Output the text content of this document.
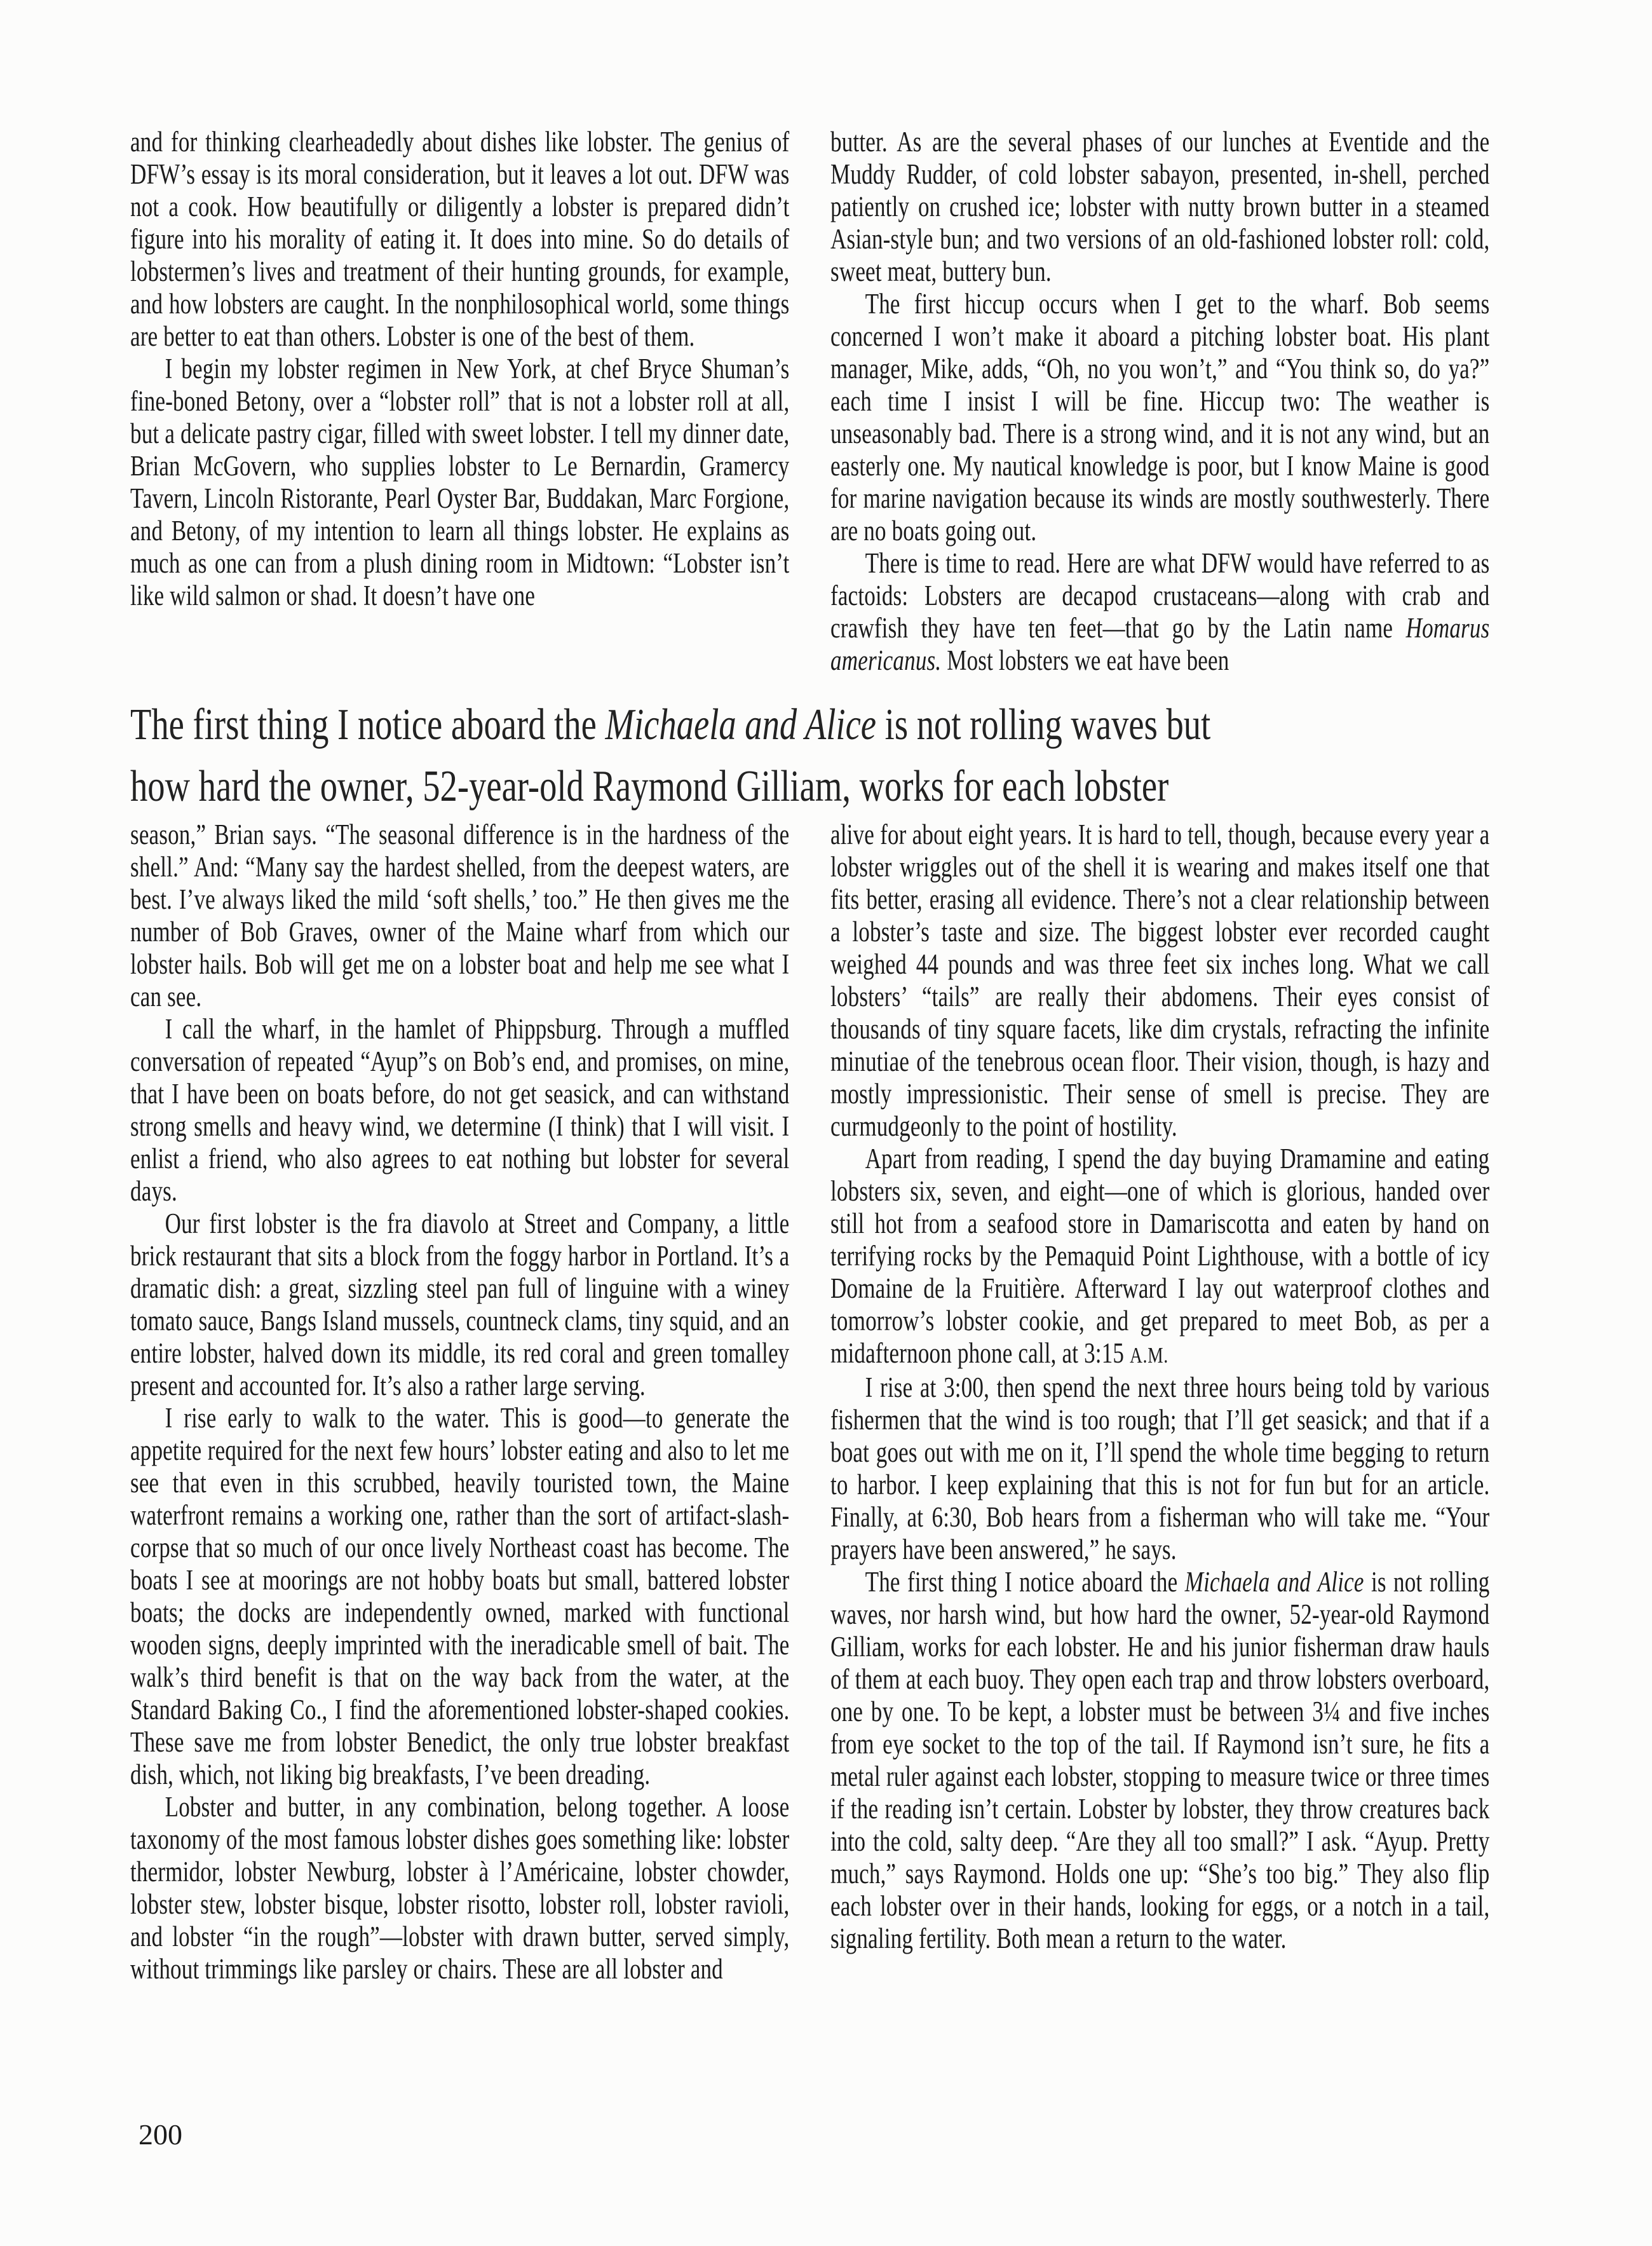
and for thinking clearheadedly about dishes like lobster. The genius of DFW’s essay is its moral consideration, but it leaves a lot out. DFW was not a cook. How beautifully or diligently a lobster is prepared didn’t figure into his morality of eating it. It does into mine. So do details of lobstermen’s lives and treatment of their hunting grounds, for example, and how lobsters are caught. In the nonphilosophical world, some things are better to eat than others. Lobster is one of the best of them.

I begin my lobster regimen in New York, at chef Bryce Shuman’s fine-boned Betony, over a “lobster roll” that is not a lobster roll at all, but a delicate pastry cigar, filled with sweet lobster. I tell my dinner date, Brian McGovern, who supplies lobster to Le Bernardin, Gramercy Tavern, Lincoln Ristorante, Pearl Oyster Bar, Buddakan, Marc Forgione, and Betony, of my intention to learn all things lobster. He explains as much as one can from a plush dining room in Midtown: “Lobster isn’t like wild salmon or shad. It doesn’t have one

butter. As are the several phases of our lunches at Eventide and the Muddy Rudder, of cold lobster sabayon, presented, in-shell, perched patiently on crushed ice; lobster with nutty brown butter in a steamed Asian-style bun; and two versions of an old-fashioned lobster roll: cold, sweet meat, buttery bun.

The first hiccup occurs when I get to the wharf. Bob seems concerned I won’t make it aboard a pitching lobster boat. His plant manager, Mike, adds, “Oh, no you won’t,” and “You think so, do ya?” each time I insist I will be fine. Hiccup two: The weather is unseasonably bad. There is a strong wind, and it is not any wind, but an easterly one. My nautical knowledge is poor, but I know Maine is good for marine navigation because its winds are mostly southwesterly. There are no boats going out.

There is time to read. Here are what DFW would have referred to as factoids: Lobsters are decapod crustaceans—along with crab and crawfish they have ten feet—that go by the Latin name Homarus americanus. Most lobsters we eat have been

The first thing I notice aboard the Michaela and Alice is not rolling waves but
how hard the owner, 52-year-old Raymond Gilliam, works for each lobster

season,” Brian says. “The seasonal difference is in the hardness of the shell.” And: “Many say the hardest shelled, from the deepest waters, are best. I’ve always liked the mild ‘soft shells,’ too.” He then gives me the number of Bob Graves, owner of the Maine wharf from which our lobster hails. Bob will get me on a lobster boat and help me see what I can see.

I call the wharf, in the hamlet of Phippsburg. Through a muffled conversation of repeated “Ayup”s on Bob’s end, and promises, on mine, that I have been on boats before, do not get seasick, and can withstand strong smells and heavy wind, we determine (I think) that I will visit. I enlist a friend, who also agrees to eat nothing but lobster for several days.

Our first lobster is the fra diavolo at Street and Company, a little brick restaurant that sits a block from the foggy harbor in Portland. It’s a dramatic dish: a great, sizzling steel pan full of linguine with a winey tomato sauce, Bangs Island mussels, countneck clams, tiny squid, and an entire lobster, halved down its middle, its red coral and green tomalley present and accounted for. It’s also a rather large serving.

I rise early to walk to the water. This is good—to generate the appetite required for the next few hours’ lobster eating and also to let me see that even in this scrubbed, heavily touristed town, the Maine waterfront remains a working one, rather than the sort of artifact-slash-corpse that so much of our once lively Northeast coast has become. The boats I see at moorings are not hobby boats but small, battered lobster boats; the docks are independently owned, marked with functional wooden signs, deeply imprinted with the ineradicable smell of bait. The walk’s third benefit is that on the way back from the water, at the Standard Baking Co., I find the aforementioned lobster-shaped cookies. These save me from lobster Benedict, the only true lobster breakfast dish, which, not liking big breakfasts, I’ve been dreading.

Lobster and butter, in any combination, belong together. A loose taxonomy of the most famous lobster dishes goes something like: lobster thermidor, lobster Newburg, lobster à l’Américaine, lobster chowder, lobster stew, lobster bisque, lobster risotto, lobster roll, lobster ravioli, and lobster “in the rough”—lobster with drawn butter, served simply, without trimmings like parsley or chairs. These are all lobster and

alive for about eight years. It is hard to tell, though, because every year a lobster wriggles out of the shell it is wearing and makes itself one that fits better, erasing all evidence. There’s not a clear relationship between a lobster’s taste and size. The biggest lobster ever recorded caught weighed 44 pounds and was three feet six inches long. What we call lobsters’ “tails” are really their abdomens. Their eyes consist of thousands of tiny square facets, like dim crystals, refracting the infinite minutiae of the tenebrous ocean floor. Their vision, though, is hazy and mostly impressionistic. Their sense of smell is precise. They are curmudgeonly to the point of hostility.

Apart from reading, I spend the day buying Dramamine and eating lobsters six, seven, and eight—one of which is glorious, handed over still hot from a seafood store in Damariscotta and eaten by hand on terrifying rocks by the Pemaquid Point Lighthouse, with a bottle of icy Domaine de la Fruitière. Afterward I lay out waterproof clothes and tomorrow’s lobster cookie, and get prepared to meet Bob, as per a midafternoon phone call, at 3:15 A.M.

I rise at 3:00, then spend the next three hours being told by various fishermen that the wind is too rough; that I’ll get seasick; and that if a boat goes out with me on it, I’ll spend the whole time begging to return to harbor. I keep explaining that this is not for fun but for an article. Finally, at 6:30, Bob hears from a fisherman who will take me. “Your prayers have been answered,” he says.

The first thing I notice aboard the Michaela and Alice is not rolling waves, nor harsh wind, but how hard the owner, 52-year-old Raymond Gilliam, works for each lobster. He and his junior fisherman draw hauls of them at each buoy. They open each trap and throw lobsters overboard, one by one. To be kept, a lobster must be between 3¼ and five inches from eye socket to the top of the tail. If Raymond isn’t sure, he fits a metal ruler against each lobster, stopping to measure twice or three times if the reading isn’t certain. Lobster by lobster, they throw creatures back into the cold, salty deep. “Are they all too small?” I ask. “Ayup. Pretty much,” says Raymond. Holds one up: “She’s too big.” They also flip each lobster over in their hands, looking for eggs, or a notch in a tail, signaling fertility. Both mean a return to the water.

200
